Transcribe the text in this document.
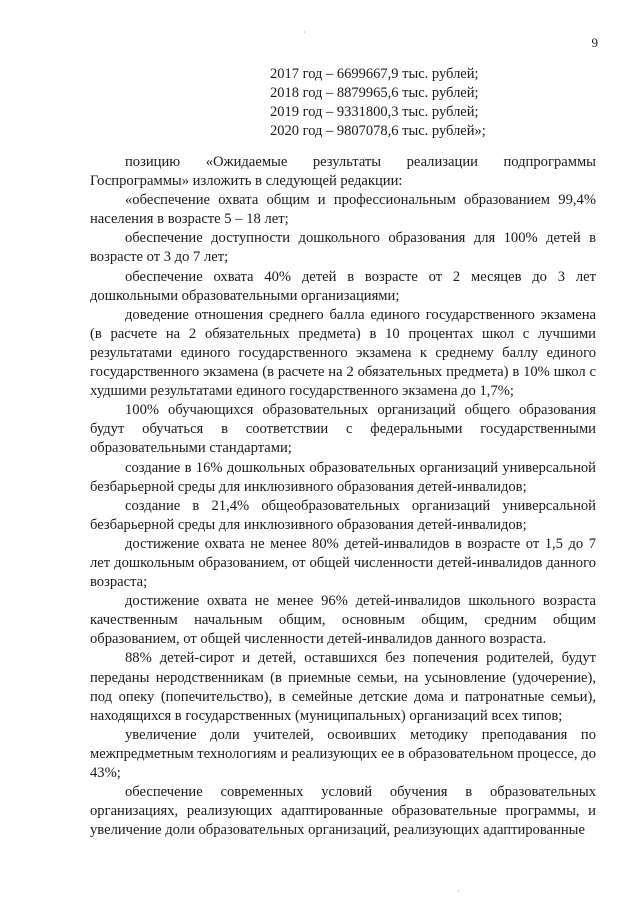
·
·
9
2017 год – 6699667,9 тыс. рублей;
2018 год – 8879965,6 тыс. рублей;
2019 год – 9331800,3 тыс. рублей;
2020 год – 9807078,6 тыс. рублей»;

позицию «Ожидаемые результаты реализации подпрограммы Госпрограммы» изложить в следующей редакции:

«обеспечение охвата общим и профессиональным образованием 99,4% населения в возрасте 5 – 18 лет;

обеспечение доступности дошкольного образования для 100% детей в возрасте от 3 до 7 лет;

обеспечение охвата 40% детей в возрасте от 2 месяцев до 3 лет дошкольными образовательными организациями;

доведение отношения среднего балла единого государственного экзамена (в расчете на 2 обязательных предмета) в 10 процентах школ с лучшими результатами единого государственного экзамена к среднему баллу единого государственного экзамена (в расчете на 2 обязательных предмета) в 10% школ с худшими результатами единого государственного экзамена до 1,7%;

100% обучающихся образовательных организаций общего образования будут обучаться в соответствии с федеральными государственными образовательными стандартами;

создание в 16% дошкольных образовательных организаций универсальной безбарьерной среды для инклюзивного образования детей-инвалидов;

создание в 21,4% общеобразовательных организаций универсальной безбарьерной среды для инклюзивного образования детей-инвалидов;

достижение охвата не менее 80% детей-инвалидов в возрасте от 1,5 до 7 лет дошкольным образованием, от общей численности детей-инвалидов данного возраста;

достижение охвата не менее 96% детей-инвалидов школьного возраста качественным начальным общим, основным общим, средним общим образованием, от общей численности детей-инвалидов данного возраста.

88% детей-сирот и детей, оставшихся без попечения родителей, будут переданы неродственникам (в приемные семьи, на усыновление (удочерение), под опеку (попечительство), в семейные детские дома и патронатные семьи), находящихся в государственных (муниципальных) организаций всех типов;

увеличение доли учителей, освоивших методику преподавания по межпредметным технологиям и реализующих ее в образовательном процессе, до 43%;

обеспечение современных условий обучения в образовательных организациях, реализующих адаптированные образовательные программы, и увеличение доли образовательных организаций, реализующих адаптированные
